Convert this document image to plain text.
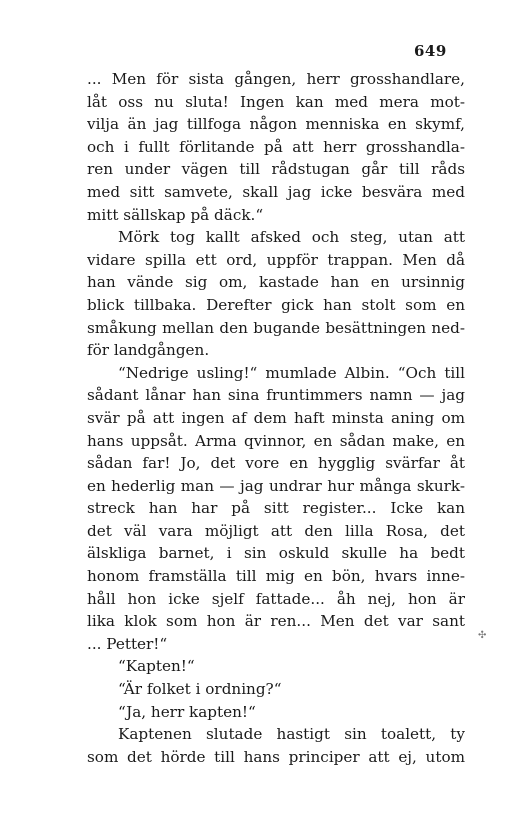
649
... Men för sista gången, herr grosshandlare,
låt oss nu sluta! Ingen kan med mera mot-
vilja än jag tillfoga någon menniska en skymf,
och i fullt förlitande på att herr grosshandla-
ren under vägen till rådstugan går till råds
med sitt samvete, skall jag icke besvära med
mitt sällskap på däck.“
Mörk tog kallt afsked och steg, utan att
vidare spilla ett ord, uppför trappan. Men då
han vände sig om, kastade han en ursinnig
blick tillbaka. Derefter gick han stolt som en
småkung mellan den bugande besättningen ned-
för landgången.
“Nedrige usling!“ mumlade Albin. “Och till
sådant lånar han sina fruntimmers namn — jag
svär på att ingen af dem haft minsta aning om
hans uppsåt. Arma qvinnor, en sådan make, en
sådan far! Jo, det vore en hygglig svärfar åt
en hederlig man — jag undrar hur många skurk-
streck han har på sitt register... Icke kan
det väl vara möjligt att den lilla Rosa, det
älskliga barnet, i sin oskuld skulle ha bedt
honom framställa till mig en bön, hvars inne-
håll hon icke sjelf fattade... åh nej, hon är
lika klok som hon är ren... Men det var sant
... Petter!“
“Kapten!“
“Är folket i ordning?“
“Ja, herr kapten!“
Kaptenen slutade hastigt sin toalett, ty
som det hörde till hans principer att ej, utom
✣
